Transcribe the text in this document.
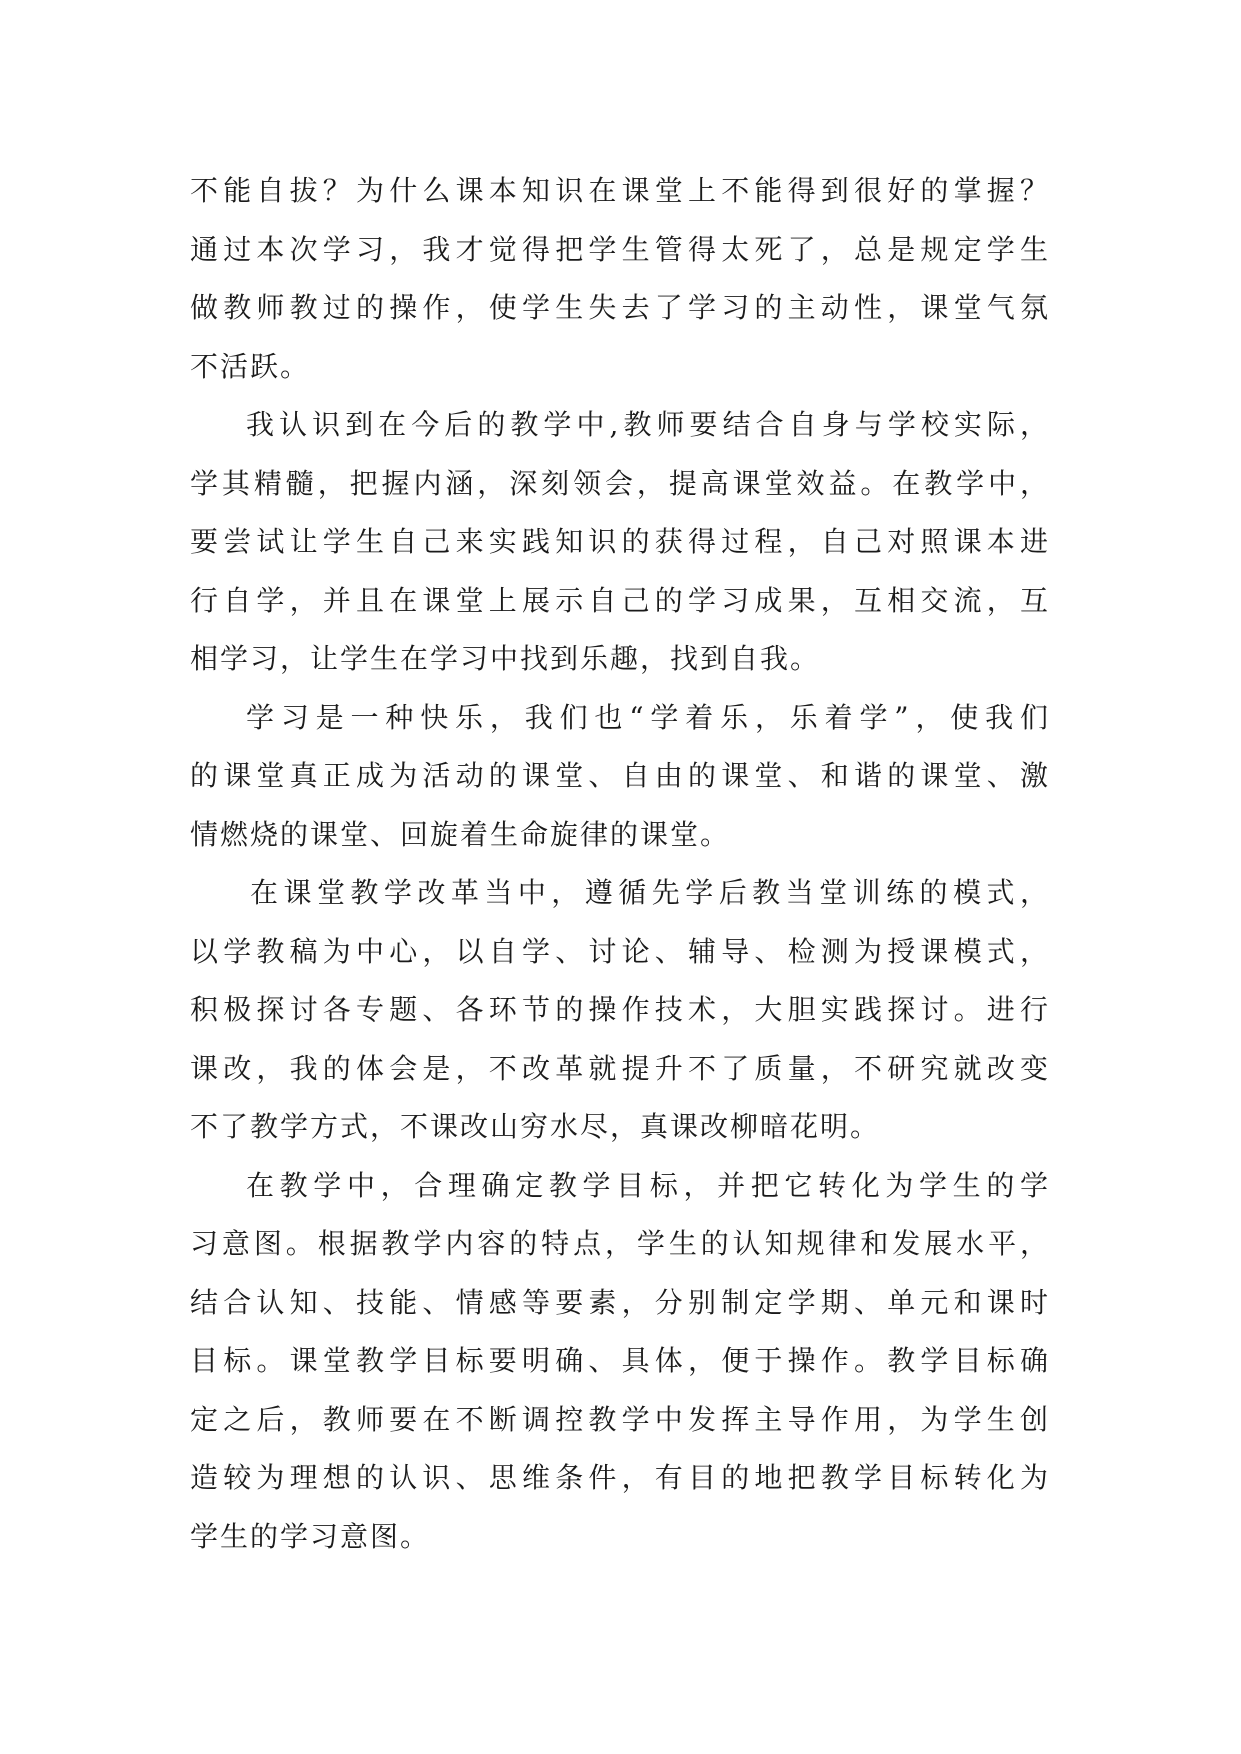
不能自拔？为什么课本知识在课堂上不能得到很好的掌握？
通过本次学习，我才觉得把学生管得太死了，总是规定学生
做教师教过的操作，使学生失去了学习的主动性，课堂气氛
不活跃。
我认识到在今后的教学中,教师要结合自身与学校实际，
学其精髓，把握内涵，深刻领会，提高课堂效益。在教学中，
要尝试让学生自己来实践知识的获得过程，自己对照课本进
行自学，并且在课堂上展示自己的学习成果，互相交流，互
相学习，让学生在学习中找到乐趣，找到自我。
学习是一种快乐，我们也“学着乐，乐着学”，使我们
的课堂真正成为活动的课堂、自由的课堂、和谐的课堂、激
情燃烧的课堂、回旋着生命旋律的课堂。
在课堂教学改革当中，遵循先学后教当堂训练的模式，
以学教稿为中心，以自学、讨论、辅导、检测为授课模式，
积极探讨各专题、各环节的操作技术，大胆实践探讨。进行
课改，我的体会是，不改革就提升不了质量，不研究就改变
不了教学方式，不课改山穷水尽，真课改柳暗花明。
在教学中，合理确定教学目标，并把它转化为学生的学
习意图。根据教学内容的特点，学生的认知规律和发展水平，
结合认知、技能、情感等要素，分别制定学期、单元和课时
目标。课堂教学目标要明确、具体，便于操作。教学目标确
定之后，教师要在不断调控教学中发挥主导作用，为学生创
造较为理想的认识、思维条件，有目的地把教学目标转化为
学生的学习意图。
